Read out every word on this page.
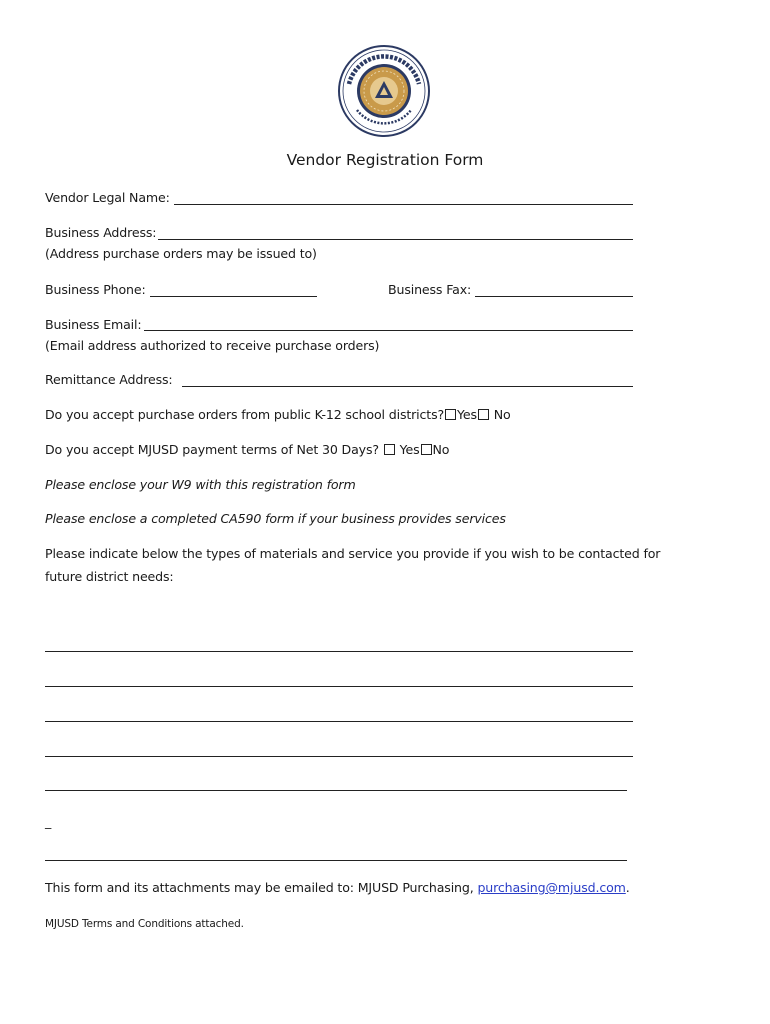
Vendor Registration Form
Vendor Legal Name:
Business Address:
(Address purchase orders may be issued to)
Business Phone:	Business Fax:
Business Email:
(Email address authorized to receive purchase orders)
Remittance Address:
Do you accept purchase orders from public K-12 school districts? Yes No
Do you accept MJUSD payment terms of Net 30 Days?  Yes No
Please enclose your W9 with this registration form
Please enclose a completed CA590 form if your business provides services
Please indicate below the types of materials and service you provide if you wish to be contacted for
future district needs:
_
This form and its attachments may be emailed to: MJUSD Purchasing, purchasing@mjusd.com.
MJUSD Terms and Conditions attached.
